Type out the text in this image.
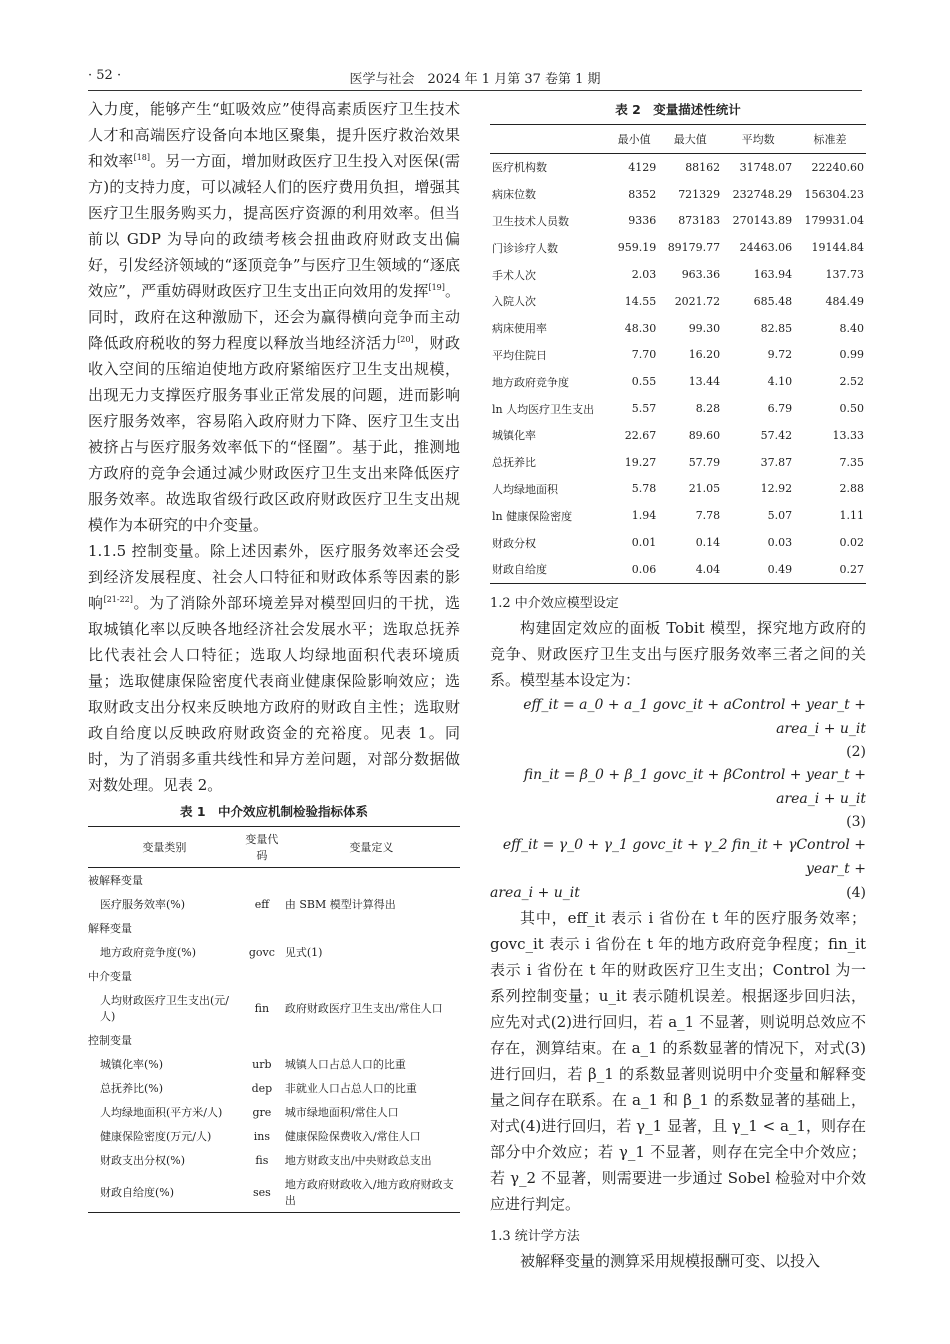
· 52 ·	医学与社会　2024 年 1 月第 37 卷第 1 期

入力度，能够产生“虹吸效应”使得高素质医疗卫生技术人才和高端医疗设备向本地区聚集，提升医疗救治效果和效率[18]。另一方面，增加财政医疗卫生投入对医保(需方)的支持力度，可以减轻人们的医疗费用负担，增强其医疗卫生服务购买力，提高医疗资源的利用效率。但当前以 GDP 为导向的政绩考核会扭曲政府财政支出偏好，引发经济领域的“逐顶竞争”与医疗卫生领域的“逐底效应”，严重妨碍财政医疗卫生支出正向效用的发挥[19]。同时，政府在这种激励下，还会为赢得横向竞争而主动降低政府税收的努力程度以释放当地经济活力[20]，财政收入空间的压缩迫使地方政府紧缩医疗卫生支出规模，出现无力支撑医疗服务事业正常发展的问题，进而影响医疗服务效率，容易陷入政府财力下降、医疗卫生支出被挤占与医疗服务效率低下的“怪圈”。基于此，推测地方政府的竞争会通过减少财政医疗卫生支出来降低医疗服务效率。故选取省级行政区政府财政医疗卫生支出规模作为本研究的中介变量。

1.1.5 控制变量。除上述因素外，医疗服务效率还会受到经济发展程度、社会人口特征和财政体系等因素的影响[21-22]。为了消除外部环境差异对模型回归的干扰，选取城镇化率以反映各地经济社会发展水平；选取总抚养比代表社会人口特征；选取人均绿地面积代表环境质量；选取健康保险密度代表商业健康保险影响效应；选取财政支出分权来反映地方政府的财政自主性；选取财政自给度以反映政府财政资金的充裕度。见表 1。同时，为了消弱多重共线性和异方差问题，对部分数据做对数处理。见表 2。

表 1　中介效应机制检验指标体系
变量类别	变量代码	变量定义
被解释变量		
医疗服务效率(%)	eff	由 SBM 模型计算得出
解释变量		
地方政府竞争度(%)	govc	见式(1)
中介变量		
人均财政医疗卫生支出(元/人)	fin	政府财政医疗卫生支出/常住人口
控制变量		
城镇化率(%)	urb	城镇人口占总人口的比重
总抚养比(%)	dep	非就业人口占总人口的比重
人均绿地面积(平方米/人)	gre	城市绿地面积/常住人口
健康保险密度(万元/人)	ins	健康保险保费收入/常住人口
财政支出分权(%)	fis	地方财政支出/中央财政总支出
财政自给度(%)	ses	地方政府财政收入/地方政府财政支出
表 2　变量描述性统计
	最小值	最大值	平均数	标准差
医疗机构数	4129	88162	31748.07	22240.60
病床位数	8352	721329	232748.29	156304.23
卫生技术人员数	9336	873183	270143.89	179931.04
门诊诊疗人数	959.19	89179.77	24463.06	19144.84
手术人次	2.03	963.36	163.94	137.73
入院人次	14.55	2021.72	685.48	484.49
病床使用率	48.30	99.30	82.85	8.40
平均住院日	7.70	16.20	9.72	0.99
地方政府竞争度	0.55	13.44	4.10	2.52
ln 人均医疗卫生支出	5.57	8.28	6.79	0.50
城镇化率	22.67	89.60	57.42	13.33
总抚养比	19.27	57.79	37.87	7.35
人均绿地面积	5.78	21.05	12.92	2.88
ln 健康保险密度	1.94	7.78	5.07	1.11
财政分权	0.01	0.14	0.03	0.02
财政自给度	0.06	4.04	0.49	0.27
1.2 中介效应模型设定

构建固定效应的面板 Tobit 模型，探究地方政府的竞争、财政医疗卫生支出与医疗服务效率三者之间的关系。模型基本设定为：

eff_it = a_0 + a_1 govc_it + aControl + year_t + area_i + u_it
(2)
fin_it = β_0 + β_1 govc_it + βControl + year_t + area_i + u_it
(3)
eff_it = γ_0 + γ_1 govc_it + γ_2 fin_it + γControl + year_t +
area_i + u_it	(4)

其中，eff_it 表示 i 省份在 t 年的医疗服务效率；govc_it 表示 i 省份在 t 年的地方政府竞争程度；fin_it 表示 i 省份在 t 年的财政医疗卫生支出；Control 为一系列控制变量；u_it 表示随机误差。根据逐步回归法，应先对式(2)进行回归，若 a_1 不显著，则说明总效应不存在，测算结束。在 a_1 的系数显著的情况下，对式(3)进行回归，若 β_1 的系数显著则说明中介变量和解释变量之间存在联系。在 a_1 和 β_1 的系数显著的基础上，对式(4)进行回归，若 γ_1 显著，且 γ_1 < a_1，则存在部分中介效应；若 γ_1 不显著，则存在完全中介效应；若 γ_2 不显著，则需要进一步通过 Sobel 检验对中介效应进行判定。

1.3 统计学方法

被解释变量的测算采用规模报酬可变、以投入
